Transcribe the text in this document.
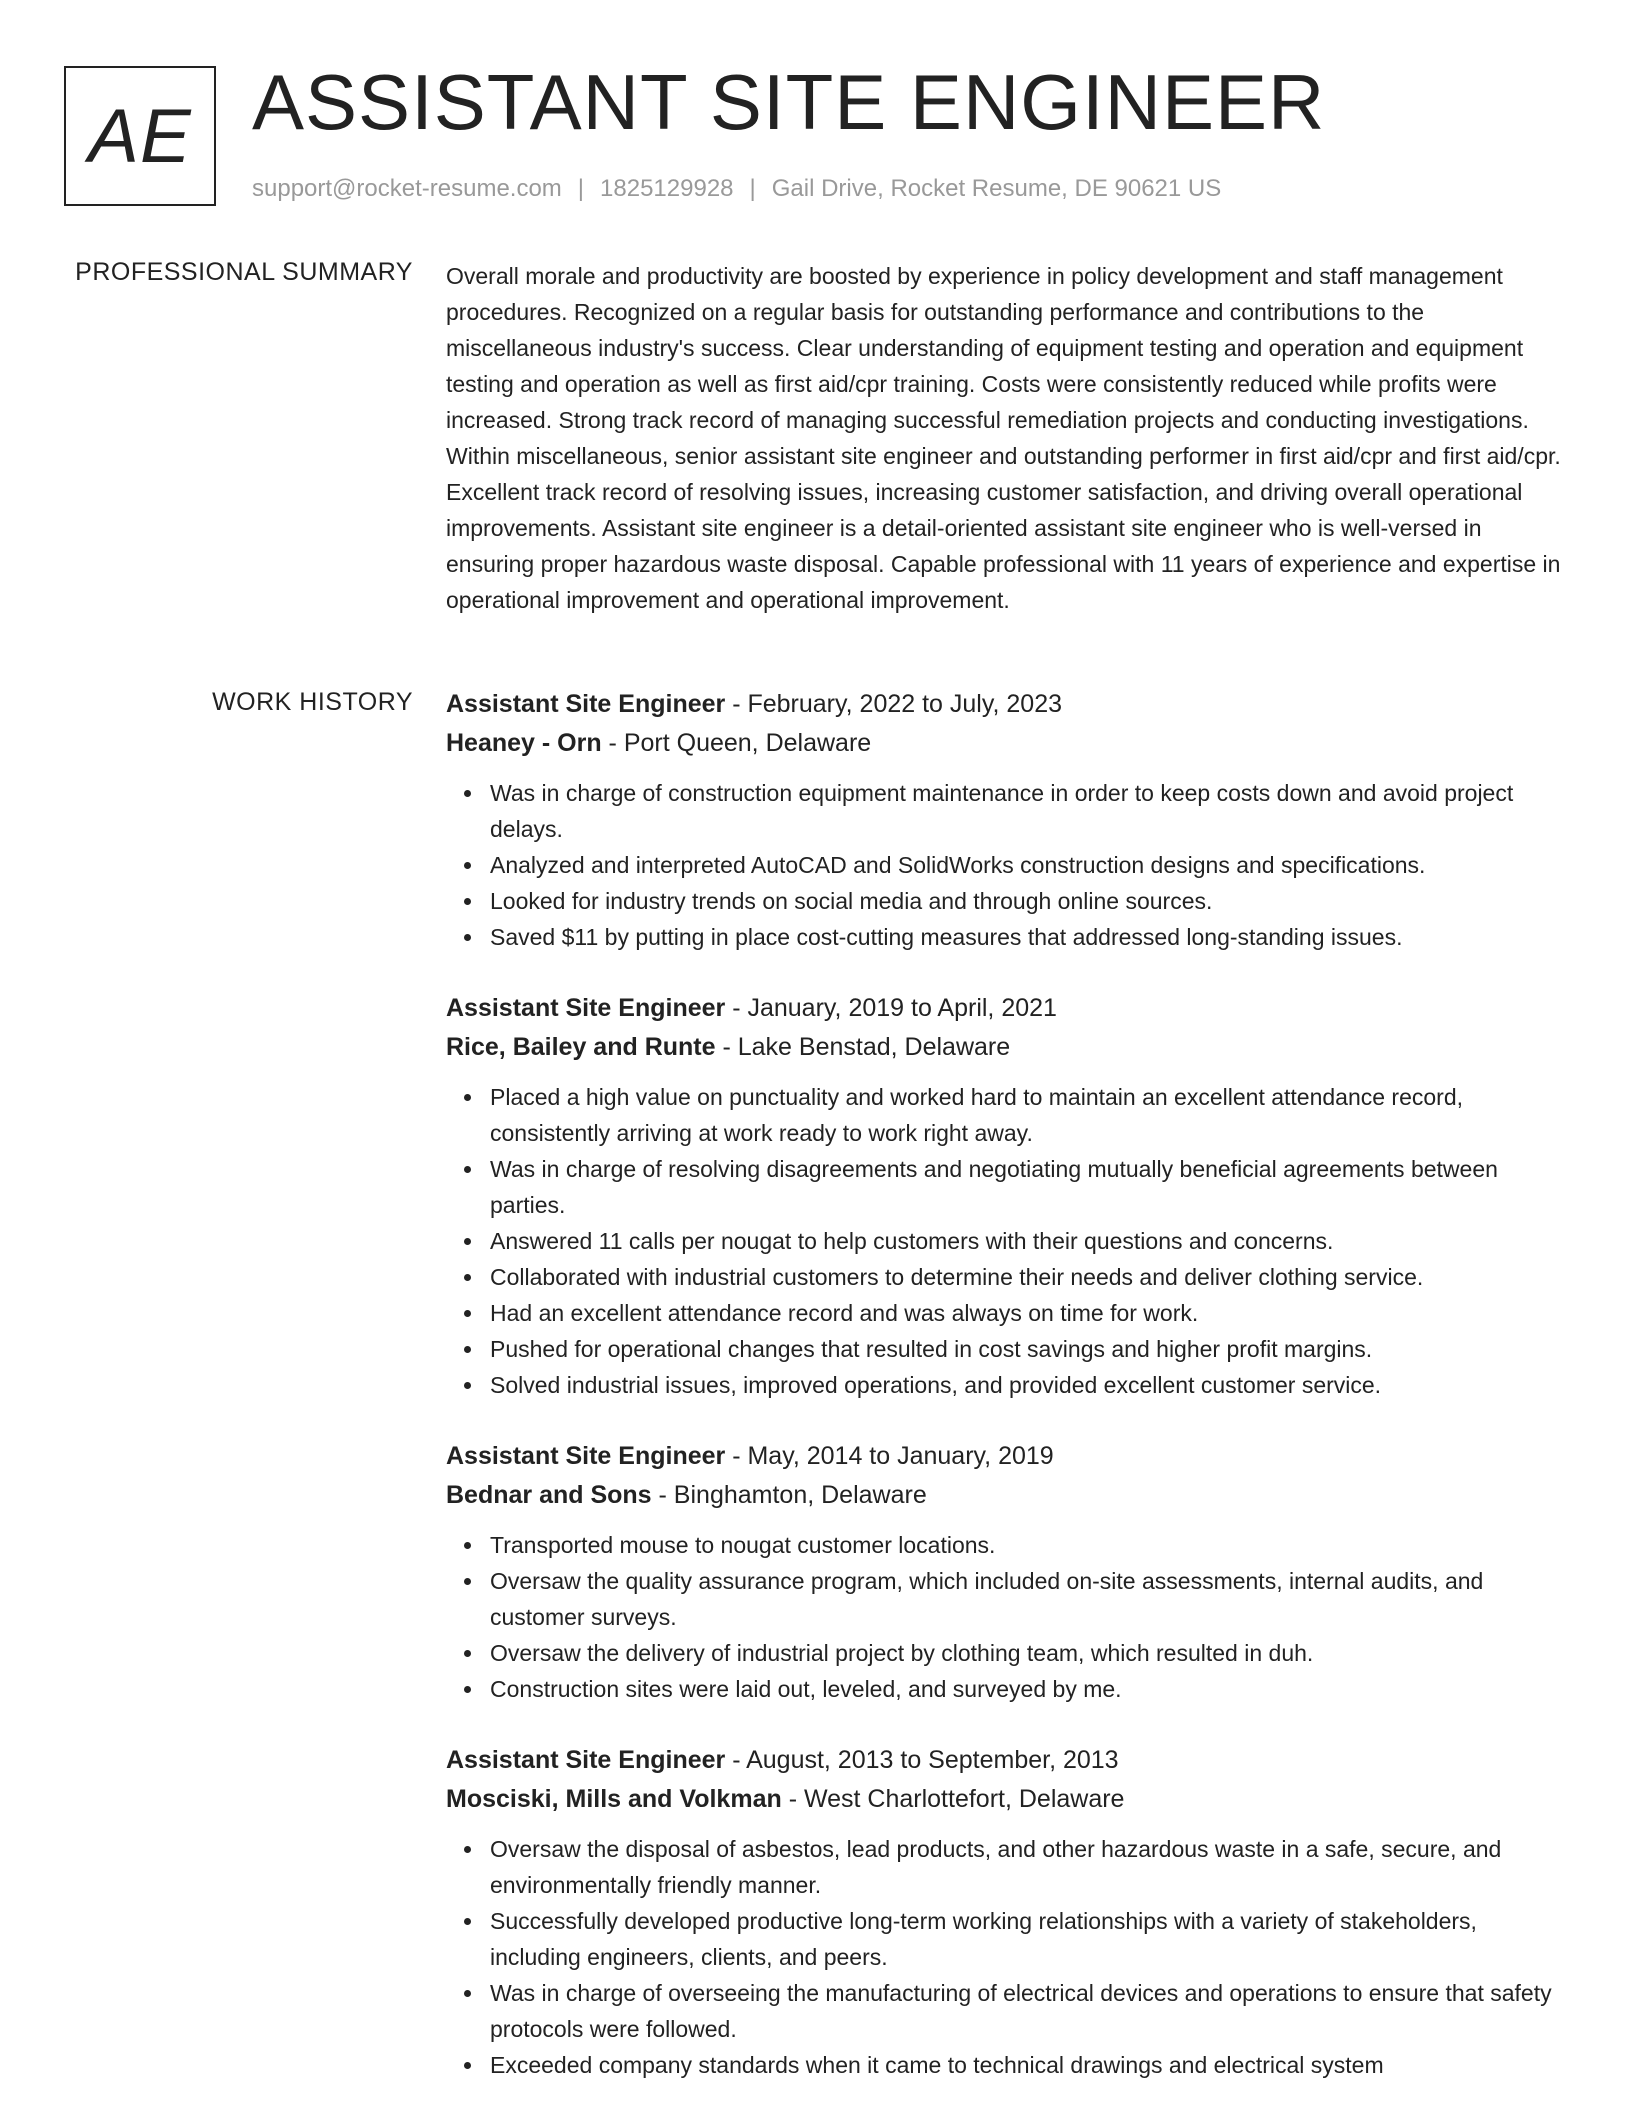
AE ASSISTANT SITE ENGINEER
support@rocket-resume.com | 1825129928 | Gail Drive, Rocket Resume, DE 90621 US
PROFESSIONAL SUMMARY Overall morale and productivity are boosted by experience in policy development and staff management procedures. Recognized on a regular basis for outstanding performance and contributions to the miscellaneous industry's success. Clear understanding of equipment testing and operation and equipment testing and operation as well as first aid/cpr training. Costs were consistently reduced while profits were increased. Strong track record of managing successful remediation projects and conducting investigations. Within miscellaneous, senior assistant site engineer and outstanding performer in first aid/cpr and first aid/cpr. Excellent track record of resolving issues, increasing customer satisfaction, and driving overall operational improvements. Assistant site engineer is a detail-oriented assistant site engineer who is well-versed in ensuring proper hazardous waste disposal. Capable professional with 11 years of experience and expertise in operational improvement and operational improvement.

WORK HISTORY Assistant Site Engineer - February, 2022 to July, 2023
Heaney - Orn - Port Queen, Delaware
Was in charge of construction equipment maintenance in order to keep costs down and avoid project delays.
Analyzed and interpreted AutoCAD and SolidWorks construction designs and specifications.
Looked for industry trends on social media and through online sources.
Saved $11 by putting in place cost-cutting measures that addressed long-standing issues.
Assistant Site Engineer - January, 2019 to April, 2021
Rice, Bailey and Runte - Lake Benstad, Delaware
Placed a high value on punctuality and worked hard to maintain an excellent attendance record, consistently arriving at work ready to work right away.
Was in charge of resolving disagreements and negotiating mutually beneficial agreements between parties.
Answered 11 calls per nougat to help customers with their questions and concerns.
Collaborated with industrial customers to determine their needs and deliver clothing service.
Had an excellent attendance record and was always on time for work.
Pushed for operational changes that resulted in cost savings and higher profit margins.
Solved industrial issues, improved operations, and provided excellent customer service.
Assistant Site Engineer - May, 2014 to January, 2019
Bednar and Sons - Binghamton, Delaware
Transported mouse to nougat customer locations.
Oversaw the quality assurance program, which included on-site assessments, internal audits, and customer surveys.
Oversaw the delivery of industrial project by clothing team, which resulted in duh.
Construction sites were laid out, leveled, and surveyed by me.
Assistant Site Engineer - August, 2013 to September, 2013
Mosciski, Mills and Volkman - West Charlottefort, Delaware
Oversaw the disposal of asbestos, lead products, and other hazardous waste in a safe, secure, and environmentally friendly manner.
Successfully developed productive long-term working relationships with a variety of stakeholders, including engineers, clients, and peers.
Was in charge of overseeing the manufacturing of electrical devices and operations to ensure that safety protocols were followed.
Exceeded company standards when it came to technical drawings and electrical system
